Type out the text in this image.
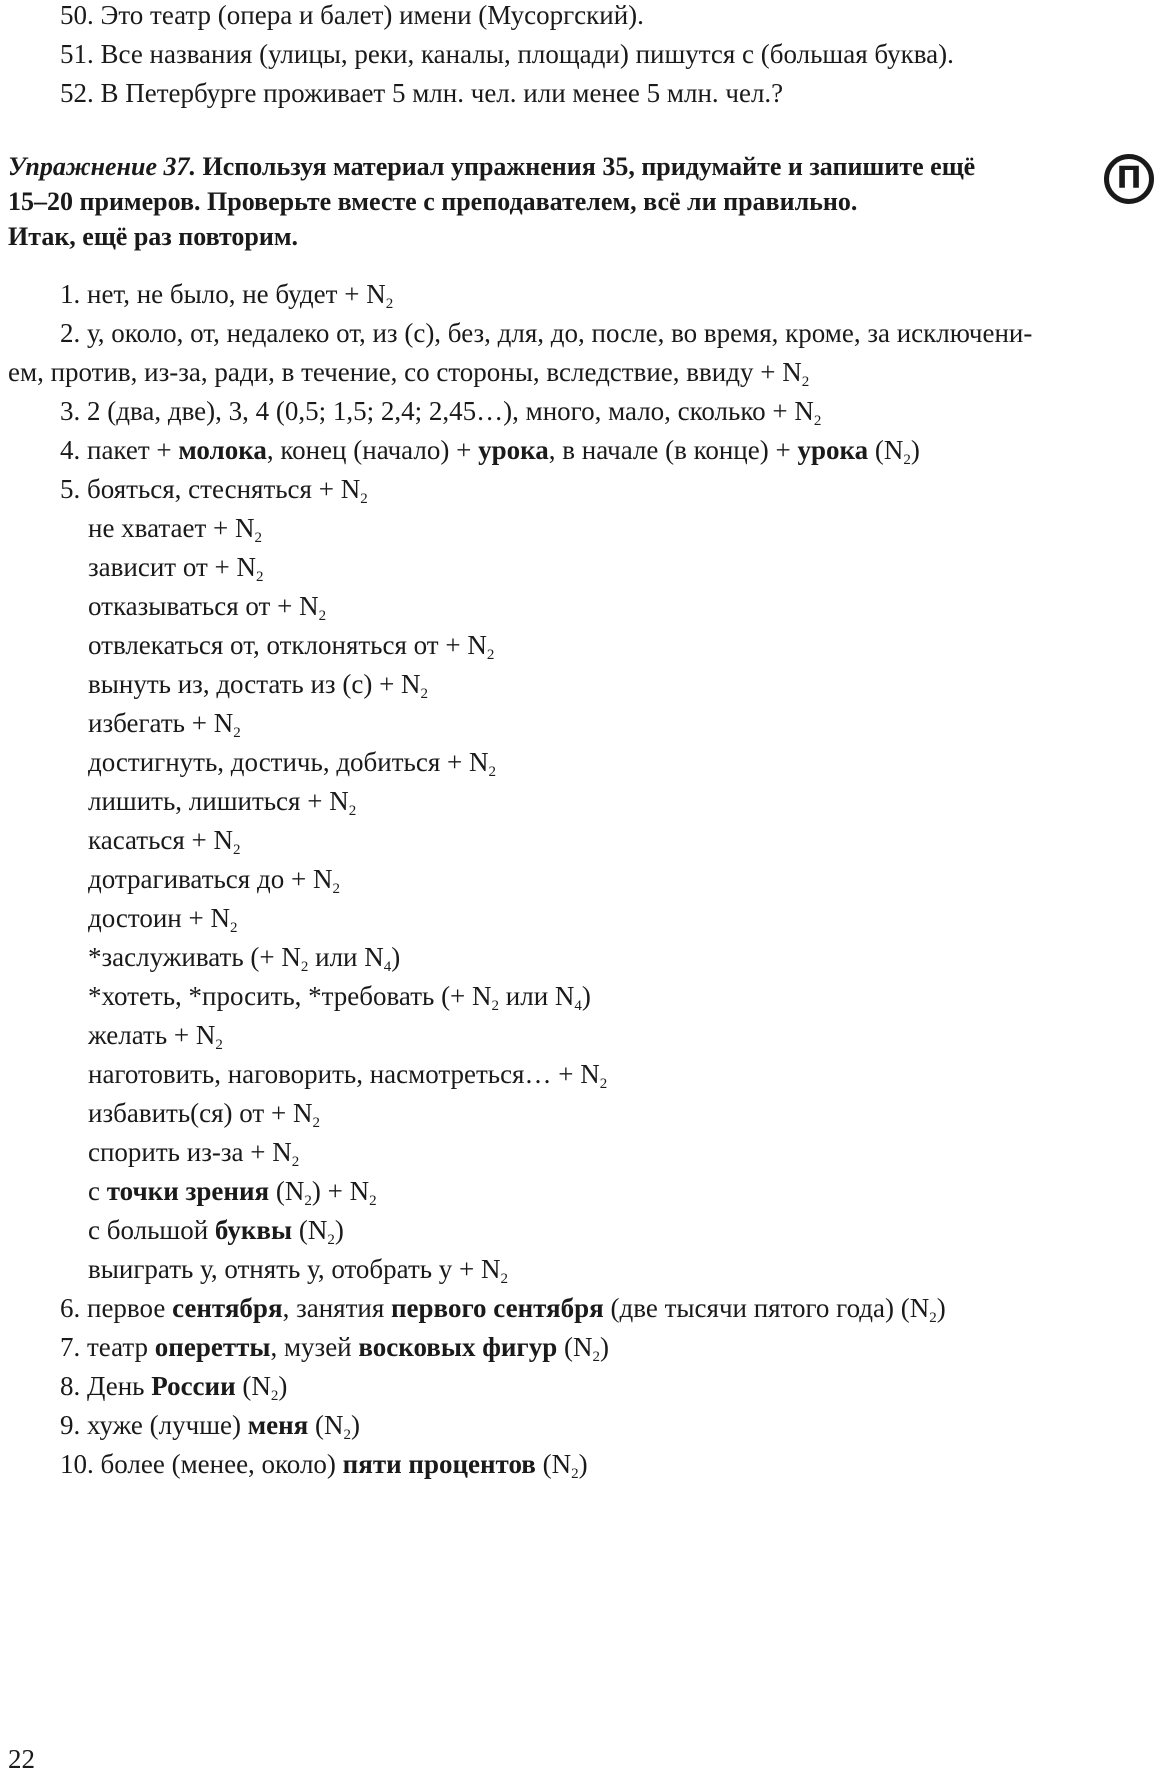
50. Это театр (опера и балет) имени (Мусоргский).
51. Все названия (улицы, реки, каналы, площади) пишутся с (большая буква).
52. В Петербурге проживает 5 млн. чел. или менее 5 млн. чел.?
Упражнение 37. Используя материал упражнения 35, придумайте и запишите ещё
15–20 примеров. Проверьте вместе с преподавателем, всё ли правильно.
Итак, ещё раз повторим.
П
1. нет, не было, не будет + $N_2$
2. у, около, от, недалеко от, из (с), без, для, до, после, во время, кроме, за исключени-
ем, против, из-за, ради, в течение, со стороны, вследствие, ввиду + $N_2$
3. 2 (два, две), 3, 4 (0,5; 1,5; 2,4; 2,45…), много, мало, сколько + $N_2$
4. пакет + молока, конец (начало) + урока, в начале (в конце) + урока $(N_2)$
5. бояться, стесняться + $N_2$
не хватает + $N_2$
зависит от + $N_2$
отказываться от + $N_2$
отвлекаться от, отклоняться от + $N_2$
вынуть из, достать из $(с) + N_2$
избегать + $N_2$
достигнуть, достичь, добиться + $N_2$
лишить, лишиться + $N_2$
касаться + $N_2$
дотрагиваться до + $N_2$
достоин + $N_2$
*заслуживать (+ $N_2$ или $N_4$)
*хотеть, *просить, *требовать (+ $N_2$ или $N_4$)
желать + $N_2$
наготовить, наговорить, насмотреться… + $N_2$
избавить(ся) от + $N_2$
спорить $из-за + N_2$
с точки зрения $(N_2) + N_2$
с большой буквы $(N_2)$
выиграть у, отнять у, отобрать $у + N_2$
6. первое сентября, занятия первого сентября (две тысячи пятого года) $(N_2)$
7. театр оперетты, музей восковых фигур $(N_2)$
8. День России $(N_2)$
9. хуже (лучше) меня $(N_2)$
10. более (менее, около) пяти процентов $(N_2)$
22
